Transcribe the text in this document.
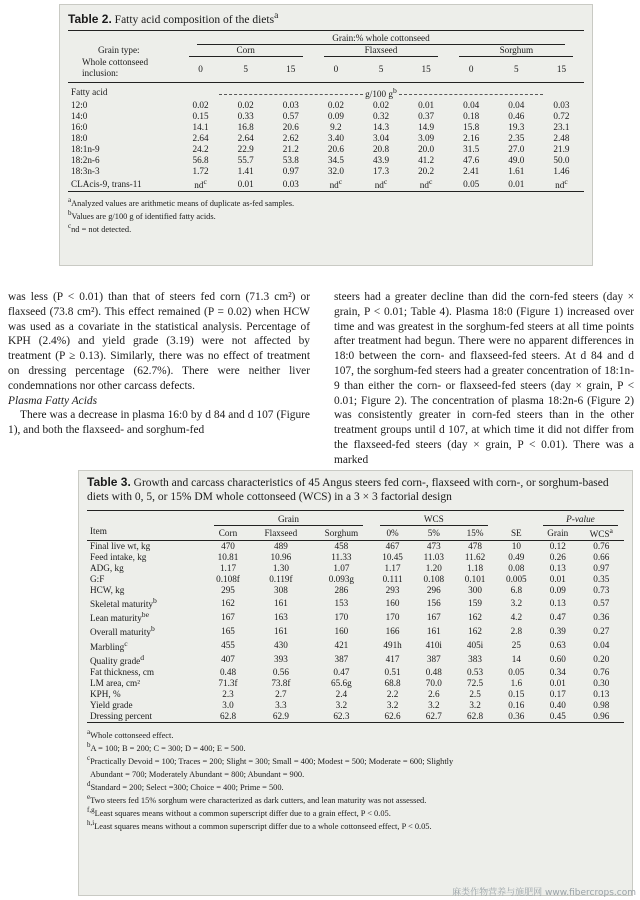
Table 2. Fatty acid composition of the diets$^a$
	Grain:% whole cottonseed								
Grain type:	Corn			Flaxseed			Sorghum		
Whole cottonseed inclusion:	0	5	15	0	5	15	0	5	15
Fatty acid	g/100 $g^b$
12:0	0.02	0.02	0.03	0.02	0.02	0.01	0.04	0.04	0.03
14:0	0.15	0.33	0.57	0.09	0.32	0.37	0.18	0.46	0.72
16:0	14.1	16.8	20.6	9.2	14.3	14.9	15.8	19.3	23.1
18:0	2.64	2.64	2.62	3.40	3.04	3.09	2.16	2.35	2.48
18:1n-9	24.2	22.9	21.2	20.6	20.8	20.0	31.5	27.0	21.9
18:2n-6	56.8	55.7	53.8	34.5	43.9	41.2	47.6	49.0	50.0
18:3n-3	1.72	1.41	0.97	32.0	17.3	20.2	2.41	1.61	1.46
CLAcis-9, trans-11	$nd^c$	0.01	0.03	$nd^c$	$nd^c$	$nd^c$	0.05	0.01	$nd^c$
$^a$Analyzed values are arithmetic means of duplicate as-fed samples.
$^b$Values are g/100 g of identified fatty acids.
$^c$nd = not detected.

was less (P < 0.01) than that of steers fed corn (71.3 cm²) or flaxseed (73.8 cm²). This effect remained (P = 0.02) when HCW was used as a covariate in the statistical analysis. Percentage of KPH (2.4%) and yield grade (3.19) were not affected by treatment (P ≥ 0.13). Similarly, there was no effect of treatment on dressing percentage (62.7%). There were neither liver condemnations nor other carcass defects.

Plasma Fatty Acids

There was a decrease in plasma 16:0 by d 84 and d 107 (Figure 1), and both the flaxseed- and sorghum-fed

steers had a greater decline than did the corn-fed steers (day × grain, P < 0.01; Table 4). Plasma 18:0 (Figure 1) increased over time and was greatest in the sorghum-fed steers at all time points after treatment had begun. There were no apparent differences in 18:0 between the corn- and flaxseed-fed steers. At d 84 and d 107, the sorghum-fed steers had a greater concentration of 18:1n-9 than either the corn- or flaxseed-fed steers (day × grain, P < 0.01; Figure 2). The concentration of plasma 18:2n-6 (Figure 2) was consistently greater in corn-fed steers than in the other treatment groups until d 107, at which time it did not differ from the flaxseed-fed steers (day × grain, P < 0.01). There was a marked

Table 3. Growth and carcass characteristics of 45 Angus steers fed corn-, flaxseed with corn-, or sorghum-based diets with 0, 5, or 15% DM whole cottonseed (WCS) in a 3 × 3 factorial design
	Grain			WCS				P-value	
Item	Corn	Flaxseed	Sorghum	0%	5%	15%	SE	Grain	WCS$^a$
Final live wt, kg	470	489	458	467	473	478	10	0.12	0.76
Feed intake, kg	10.81	10.96	11.33	10.45	11.03	11.62	0.49	0.26	0.66
ADG, kg	1.17	1.30	1.07	1.17	1.20	1.18	0.08	0.13	0.97
G:F	0.108f	0.119f	0.093g	0.111	0.108	0.101	0.005	0.01	0.35
HCW, kg	295	308	286	293	296	300	6.8	0.09	0.73
Skeletal maturity$^b$	162	161	153	160	156	159	3.2	0.13	0.57
Lean maturity$^{be}$	167	163	170	170	167	162	4.2	0.47	0.36
Overall maturity$^b$	165	161	160	166	161	162	2.8	0.39	0.27
Marbling$^c$	455	430	421	491h	410i	405i	25	0.63	0.04
Quality grade$^d$	407	393	387	417	387	383	14	0.60	0.20
Fat thickness, cm	0.48	0.56	0.47	0.51	0.48	0.53	0.05	0.34	0.76
LM area, cm²	71.3f	73.8f	65.6g	68.8	70.0	72.5	1.6	0.01	0.30
KPH, %	2.3	2.7	2.4	2.2	2.6	2.5	0.15	0.17	0.13
Yield grade	3.0	3.3	3.2	3.2	3.2	3.2	0.16	0.40	0.98
Dressing percent	62.8	62.9	62.3	62.6	62.7	62.8	0.36	0.45	0.96
$^a$Whole cottonseed effect.
$^b$A = 100; B = 200; C = 300; D = 400; E = 500.
$^c$Practically Devoid = 100; Traces = 200; Slight = 300; Small = 400; Modest = 500; Moderate = 600; Slightly
Abundant = 700; Moderately Abundant = 800; Abundant = 900.
$^d$Standard = 200; Select =300; Choice = 400; Prime = 500.
$^e$Two steers fed 15% sorghum were characterized as dark cutters, and lean maturity was not assessed.
$^{f,g}$Least squares means without a common superscript differ due to a grain effect, P < 0.05.
$^{h,i}$Least squares means without a common superscript differ due to a whole cottonseed effect, P < 0.05.
麻类作物营养与施肥网 www.fibercrops.com
